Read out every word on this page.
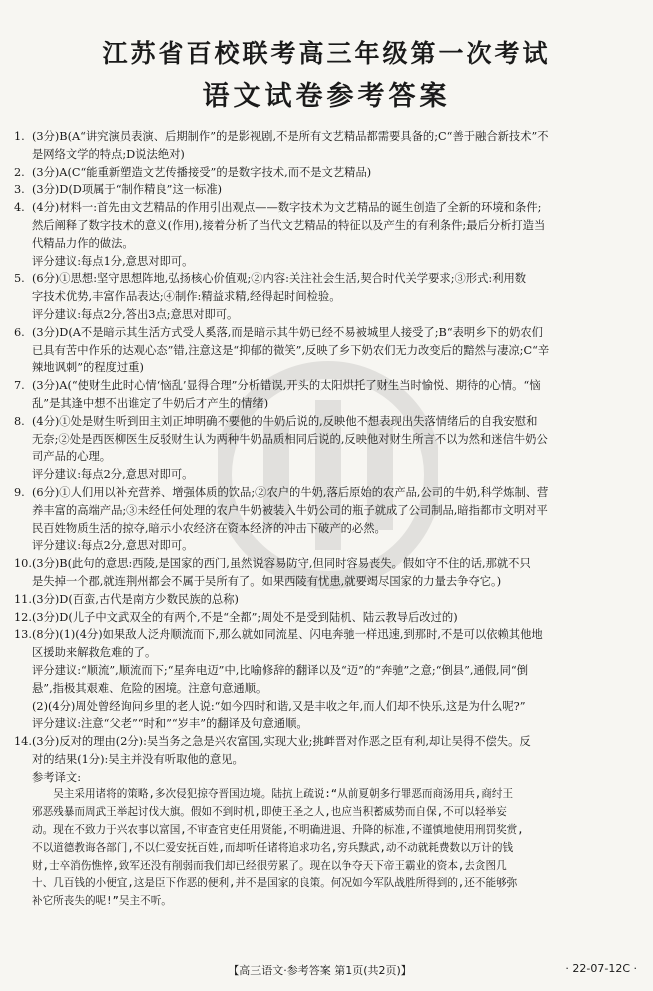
江苏省百校联考高三年级第一次考试
语文试卷参考答案
1. (3分)B(A“讲究演员表演、后期制作”的是影视剧,不是所有文艺精品都需要具备的;C“善于融合新技术”不
是网络文学的特点;D说法绝对)
2. (3分)A(C“能重新塑造文艺传播接受”的是数字技术,而不是文艺精品)
3. (3分)D(D项属于“制作精良”这一标准)
4. (4分)材料一:首先由文艺精品的作用引出观点——数字技术为文艺精品的诞生创造了全新的环境和条件;
然后阐释了数字技术的意义(作用),接着分析了当代文艺精品的特征以及产生的有利条件;最后分析打造当
代精品力作的做法。
评分建议:每点1分,意思对即可。
5. (6分)①思想:坚守思想阵地,弘扬核心价值观;②内容:关注社会生活,契合时代关学要求;③形式:利用数
字技术优势,丰富作品表达;④制作:精益求精,经得起时间检验。
评分建议:每点2分,答出3点;意思对即可。
6. (3分)D(A不是暗示其生活方式受人奚落,而是暗示其牛奶已经不易被城里人接受了;B“表明乡下的奶农们
已具有苦中作乐的达观心态”错,注意这是“抑郁的微笑”,反映了乡下奶农们无力改变后的黯然与凄凉;C“辛
辣地讽刺”的程度过重)
7. (3分)A(“使财生此时心情‘恼乱’显得合理”分析错误,开头的太阳烘托了财生当时愉悦、期待的心情。“恼
乱”是其逢中想不出谁定了牛奶后才产生的情绪)
8. (4分)①处是财生听到田主刘正坤明确不要他的牛奶后说的,反映他不想表现出失落情绪后的自我安慰和
无奈;②处是西医柳医生反驳财生认为两种牛奶品质相同后说的,反映他对财生所言不以为然和迷信牛奶公
司产品的心理。
评分建议:每点2分,意思对即可。
9. (6分)①人们用以补充营养、增强体质的饮品;②农户的牛奶,落后原始的农产品,公司的牛奶,科学炼制、营
养丰富的高端产品;③未经任何处理的农户牛奶被装入牛奶公司的瓶子就成了公司制品,暗指都市文明对平
民百姓物质生活的掠夺,暗示小农经济在资本经济的冲击下破产的必然。
评分建议:每点2分,意思对即可。
10. (3分)B(此句的意思:西陵,是国家的西门,虽然说容易防守,但同时容易丧失。假如守不住的话,那就不只
是失掉一个郡,就连荆州都会不属于吴所有了。如果西陵有忧患,就要竭尽国家的力量去争夺它。)
11. (3分)D(百蛮,古代是南方少数民族的总称)
12. (3分)D(儿子中文武双全的有两个,不是“全都”;周处不是受到陆机、陆云教导后改过的)
13. (8分)(1)(4分)如果敌人泛舟顺流而下,那么就如同流星、闪电奔驰一样迅速,到那时,不是可以依赖其他地
区援助来解救危难的了。
评分建议:“顺流”,顺流而下;“星奔电迈”中,比喻修辞的翻译以及“迈”的“奔驰”之意;“倒县”,通假,同“倒
悬”,指极其艰难、危险的困境。注意句意通顺。
(2)(4分)周处曾经询问乡里的老人说:“如今四时和谐,又是丰收之年,而人们却不快乐,这是为什么呢?”
评分建议:注意“父老”“时和”“岁丰”的翻译及句意通顺。
14. (3分)反对的理由(2分):吴当务之急是兴农富国,实现大业;挑衅晋对作恶之臣有利,却让吴得不偿失。反
对的结果(1分):吴主并没有听取他的意见。
参考译文:
吴主采用诸将的策略,多次侵犯掠夺晋国边境。陆抗上疏说:“从前夏朝多行罪恶而商汤用兵,商纣王
邪恶残暴而周武王举起讨伐大旗。假如不到时机,即使王圣之人,也应当积蓄威势而自保,不可以轻举妄
动。现在不致力于兴农事以富国,不审查官吏任用贤能,不明确进退、升降的标准,不谨慎地使用刑罚奖赏,
不以道德教诲各部门,不以仁爱安抚百姓,而却听任诸将追求功名,穷兵黩武,动不动就耗费数以万计的钱
财,士卒消伤憔悴,致军还没有削弱而我们却已经很劳累了。现在以争夺天下帝王霸业的资本,去贪图几
十、几百钱的小便宜,这是臣下作恶的便利,并不是国家的良策。何况如今军队战胜所得到的,还不能够弥
补它所丧失的呢!”吴主不听。
【高三语文·参考答案 第1页(共2页)】	· 22-07-12C ·
